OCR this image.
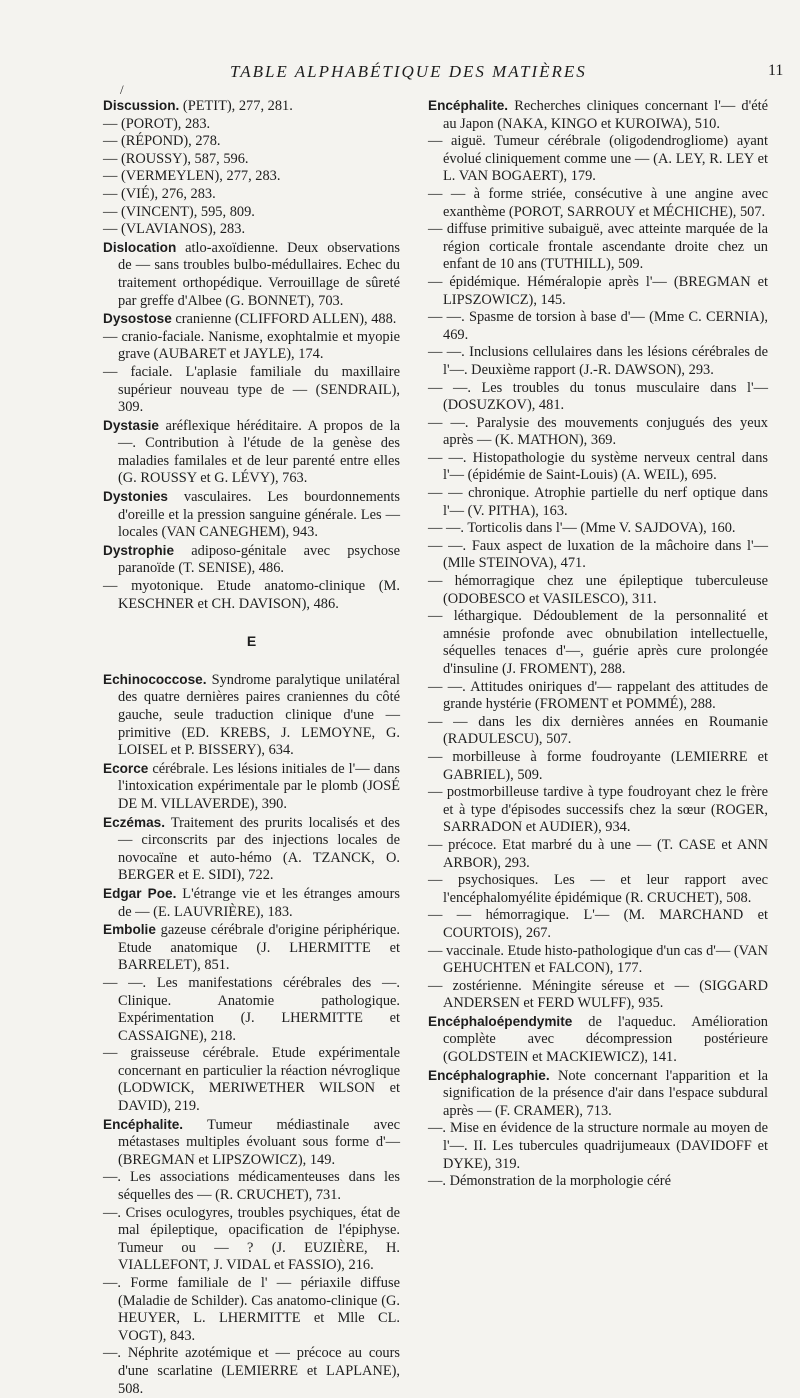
TABLE ALPHABÉTIQUE DES MATIÈRES	11
/

Discussion. (PETIT), 277, 281.

— (POROT), 283.

— (RÉPOND), 278.

— (ROUSSY), 587, 596.

— (VERMEYLEN), 277, 283.

— (VIÉ), 276, 283.

— (VINCENT), 595, 809.

— (VLAVIANOS), 283.

Dislocation atlo-axoïdienne. Deux observations de — sans troubles bulbo-médullaires. Echec du traitement orthopédique. Verrouillage de sûreté par greffe d'Albee (G. BONNET), 703.

Dysostose cranienne (CLIFFORD ALLEN), 488.

— cranio-faciale. Nanisme, exophtalmie et myopie grave (AUBARET et JAYLE), 174.

— faciale. L'aplasie familiale du maxillaire supérieur nouveau type de — (SENDRAIL), 309.

Dystasie aréflexique héréditaire. A propos de la —. Contribution à l'étude de la genèse des maladies familales et de leur parenté entre elles (G. ROUSSY et G. LÉVY), 763.

Dystonies vasculaires. Les bourdonnements d'oreille et la pression sanguine générale. Les — locales (VAN CANEGHEM), 943.

Dystrophie adiposo-génitale avec psychose paranoïde (T. SENISE), 486.

— myotonique. Etude anatomo-clinique (M. KESCHNER et CH. DAVISON), 486.

E

Echinococcose. Syndrome paralytique unilatéral des quatre dernières paires craniennes du côté gauche, seule traduction clinique d'une — primitive (ED. KREBS, J. LEMOYNE, G. LOISEL et P. BISSERY), 634.

Ecorce cérébrale. Les lésions initiales de l'— dans l'intoxication expérimentale par le plomb (JOSÉ DE M. VILLAVERDE), 390.

Eczémas. Traitement des prurits localisés et des — circonscrits par des injections locales de novocaïne et auto-hémo (A. TZANCK, O. BERGER et E. SIDI), 722.

Edgar Poe. L'étrange vie et les étranges amours de — (E. LAUVRIÈRE), 183.

Embolie gazeuse cérébrale d'origine périphérique. Etude anatomique (J. LHERMITTE et BARRELET), 851.

— —. Les manifestations cérébrales des —. Clinique. Anatomie pathologique. Expérimentation (J. LHERMITTE et CASSAIGNE), 218.

— graisseuse cérébrale. Etude expérimentale concernant en particulier la réaction névroglique (LODWICK, MERIWETHER WILSON et DAVID), 219.

Encéphalite. Tumeur médiastinale avec métastases multiples évoluant sous forme d'— (BREGMAN et LIPSZOWICZ), 149.

—. Les associations médicamenteuses dans les séquelles des — (R. CRUCHET), 731.

—. Crises oculogyres, troubles psychiques, état de mal épileptique, opacification de l'épiphyse. Tumeur ou — ? (J. EUZIÈRE, H. VIALLEFONT, J. VIDAL et FASSIO), 216.

—. Forme familiale de l' — périaxile diffuse (Maladie de Schilder). Cas anatomo-clinique (G. HEUYER, L. LHERMITTE et Mlle CL. VOGT), 843.

—. Néphrite azotémique et — précoce au cours d'une scarlatine (LEMIERRE et LAPLANE), 508.

Encéphalite. Recherches cliniques concernant l'— d'été au Japon (NAKA, KINGO et KUROIWA), 510.

— aiguë. Tumeur cérébrale (oligodendrogliome) ayant évolué cliniquement comme une — (A. LEY, R. LEY et L. VAN BOGAERT), 179.

— — à forme striée, consécutive à une angine avec exanthème (POROT, SARROUY et MÉCHICHE), 507.

— diffuse primitive subaiguë, avec atteinte marquée de la région corticale frontale ascendante droite chez un enfant de 10 ans (TUTHILL), 509.

— épidémique. Héméralopie après l'— (BREGMAN et LIPSZOWICZ), 145.

— —. Spasme de torsion à base d'— (Mme C. CERNIA), 469.

— —. Inclusions cellulaires dans les lésions cérébrales de l'—. Deuxième rapport (J.-R. DAWSON), 293.

— —. Les troubles du tonus musculaire dans l'— (DOSUZKOV), 481.

— —. Paralysie des mouvements conjugués des yeux après — (K. MATHON), 369.

— —. Histopathologie du système nerveux central dans l'— (épidémie de Saint-Louis) (A. WEIL), 695.

— — chronique. Atrophie partielle du nerf optique dans l'— (V. PITHA), 163.

— —. Torticolis dans l'— (Mme V. SAJDOVA), 160.

— —. Faux aspect de luxation de la mâchoire dans l'— (Mlle STEINOVA), 471.

— hémorragique chez une épileptique tuberculeuse (ODOBESCO et VASILESCO), 311.

— léthargique. Dédoublement de la personnalité et amnésie profonde avec obnubilation intellectuelle, séquelles tenaces d'—, guérie après cure prolongée d'insuline (J. FROMENT), 288.

— —. Attitudes oniriques d'— rappelant des attitudes de grande hystérie (FROMENT et POMMÉ), 288.

— — dans les dix dernières années en Roumanie (RADULESCU), 507.

— morbilleuse à forme foudroyante (LEMIERRE et GABRIEL), 509.

— postmorbilleuse tardive à type foudroyant chez le frère et à type d'épisodes successifs chez la sœur (ROGER, SARRADON et AUDIER), 934.

— précoce. Etat marbré du à une — (T. CASE et ANN ARBOR), 293.

— psychosiques. Les — et leur rapport avec l'encéphalomyélite épidémique (R. CRUCHET), 508.

— — hémorragique. L'— (M. MARCHAND et COURTOIS), 267.

— vaccinale. Etude histo-pathologique d'un cas d'— (VAN GEHUCHTEN et FALCON), 177.

— zostérienne. Méningite séreuse et — (SIGGARD ANDERSEN et FERD WULFF), 935.

Encéphaloépendymite de l'aqueduc. Amélioration complète avec décompression postérieure (GOLDSTEIN et MACKIEWICZ), 141.

Encéphalographie. Note concernant l'apparition et la signification de la présence d'air dans l'espace subdural après — (F. CRAMER), 713.

—. Mise en évidence de la structure normale au moyen de l'—. II. Les tubercules quadrijumeaux (DAVIDOFF et DYKE), 319.

—. Démonstration de la morphologie céré
